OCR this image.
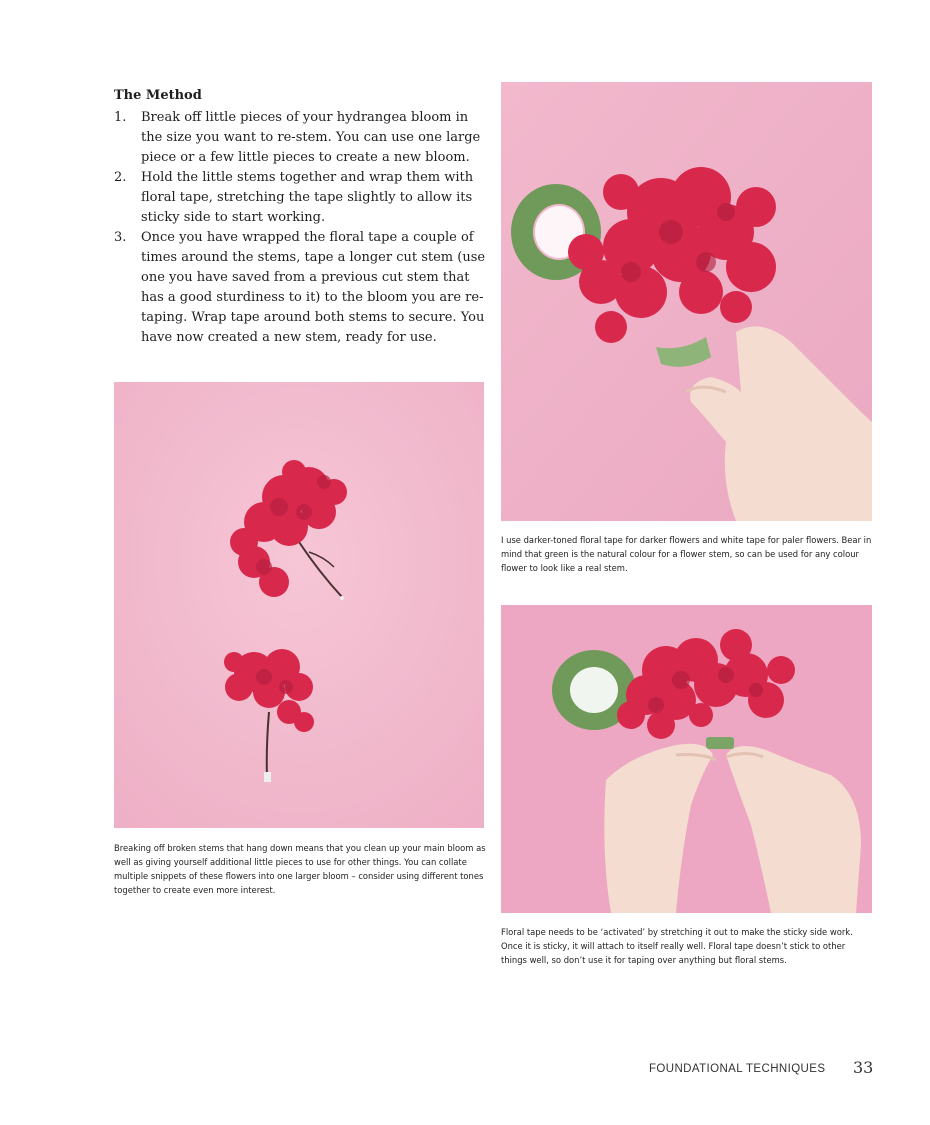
The Method
1. Break off little pieces of your hydrangea bloom in the size you want to re-stem. You can use one large piece or a few little pieces to create a new bloom.
2. Hold the little stems together and wrap them with floral tape, stretching the tape slightly to allow its sticky side to start working.
3. Once you have wrapped the floral tape a couple of times around the stems, tape a longer cut stem (use one you have saved from a previous cut stem that has a good sturdiness to it) to the bloom you are re-taping. Wrap tape around both stems to secure. You have now created a new stem, ready for use.
Breaking off broken stems that hang down means that you clean up your main bloom as well as giving yourself additional little pieces to use for other things. You can collate multiple snippets of these flowers into one larger bloom – consider using different tones together to create even more interest.
I use darker-toned floral tape for darker flowers and white tape for paler flowers. Bear in mind that green is the natural colour for a flower stem, so can be used for any colour flower to look like a real stem.
Floral tape needs to be ‘activated’ by stretching it out to make the sticky side work. Once it is sticky, it will attach to itself really well. Floral tape doesn’t stick to other things well, so don’t use it for taping over anything but floral stems.
FOUNDATIONAL TECHNIQUES 33
